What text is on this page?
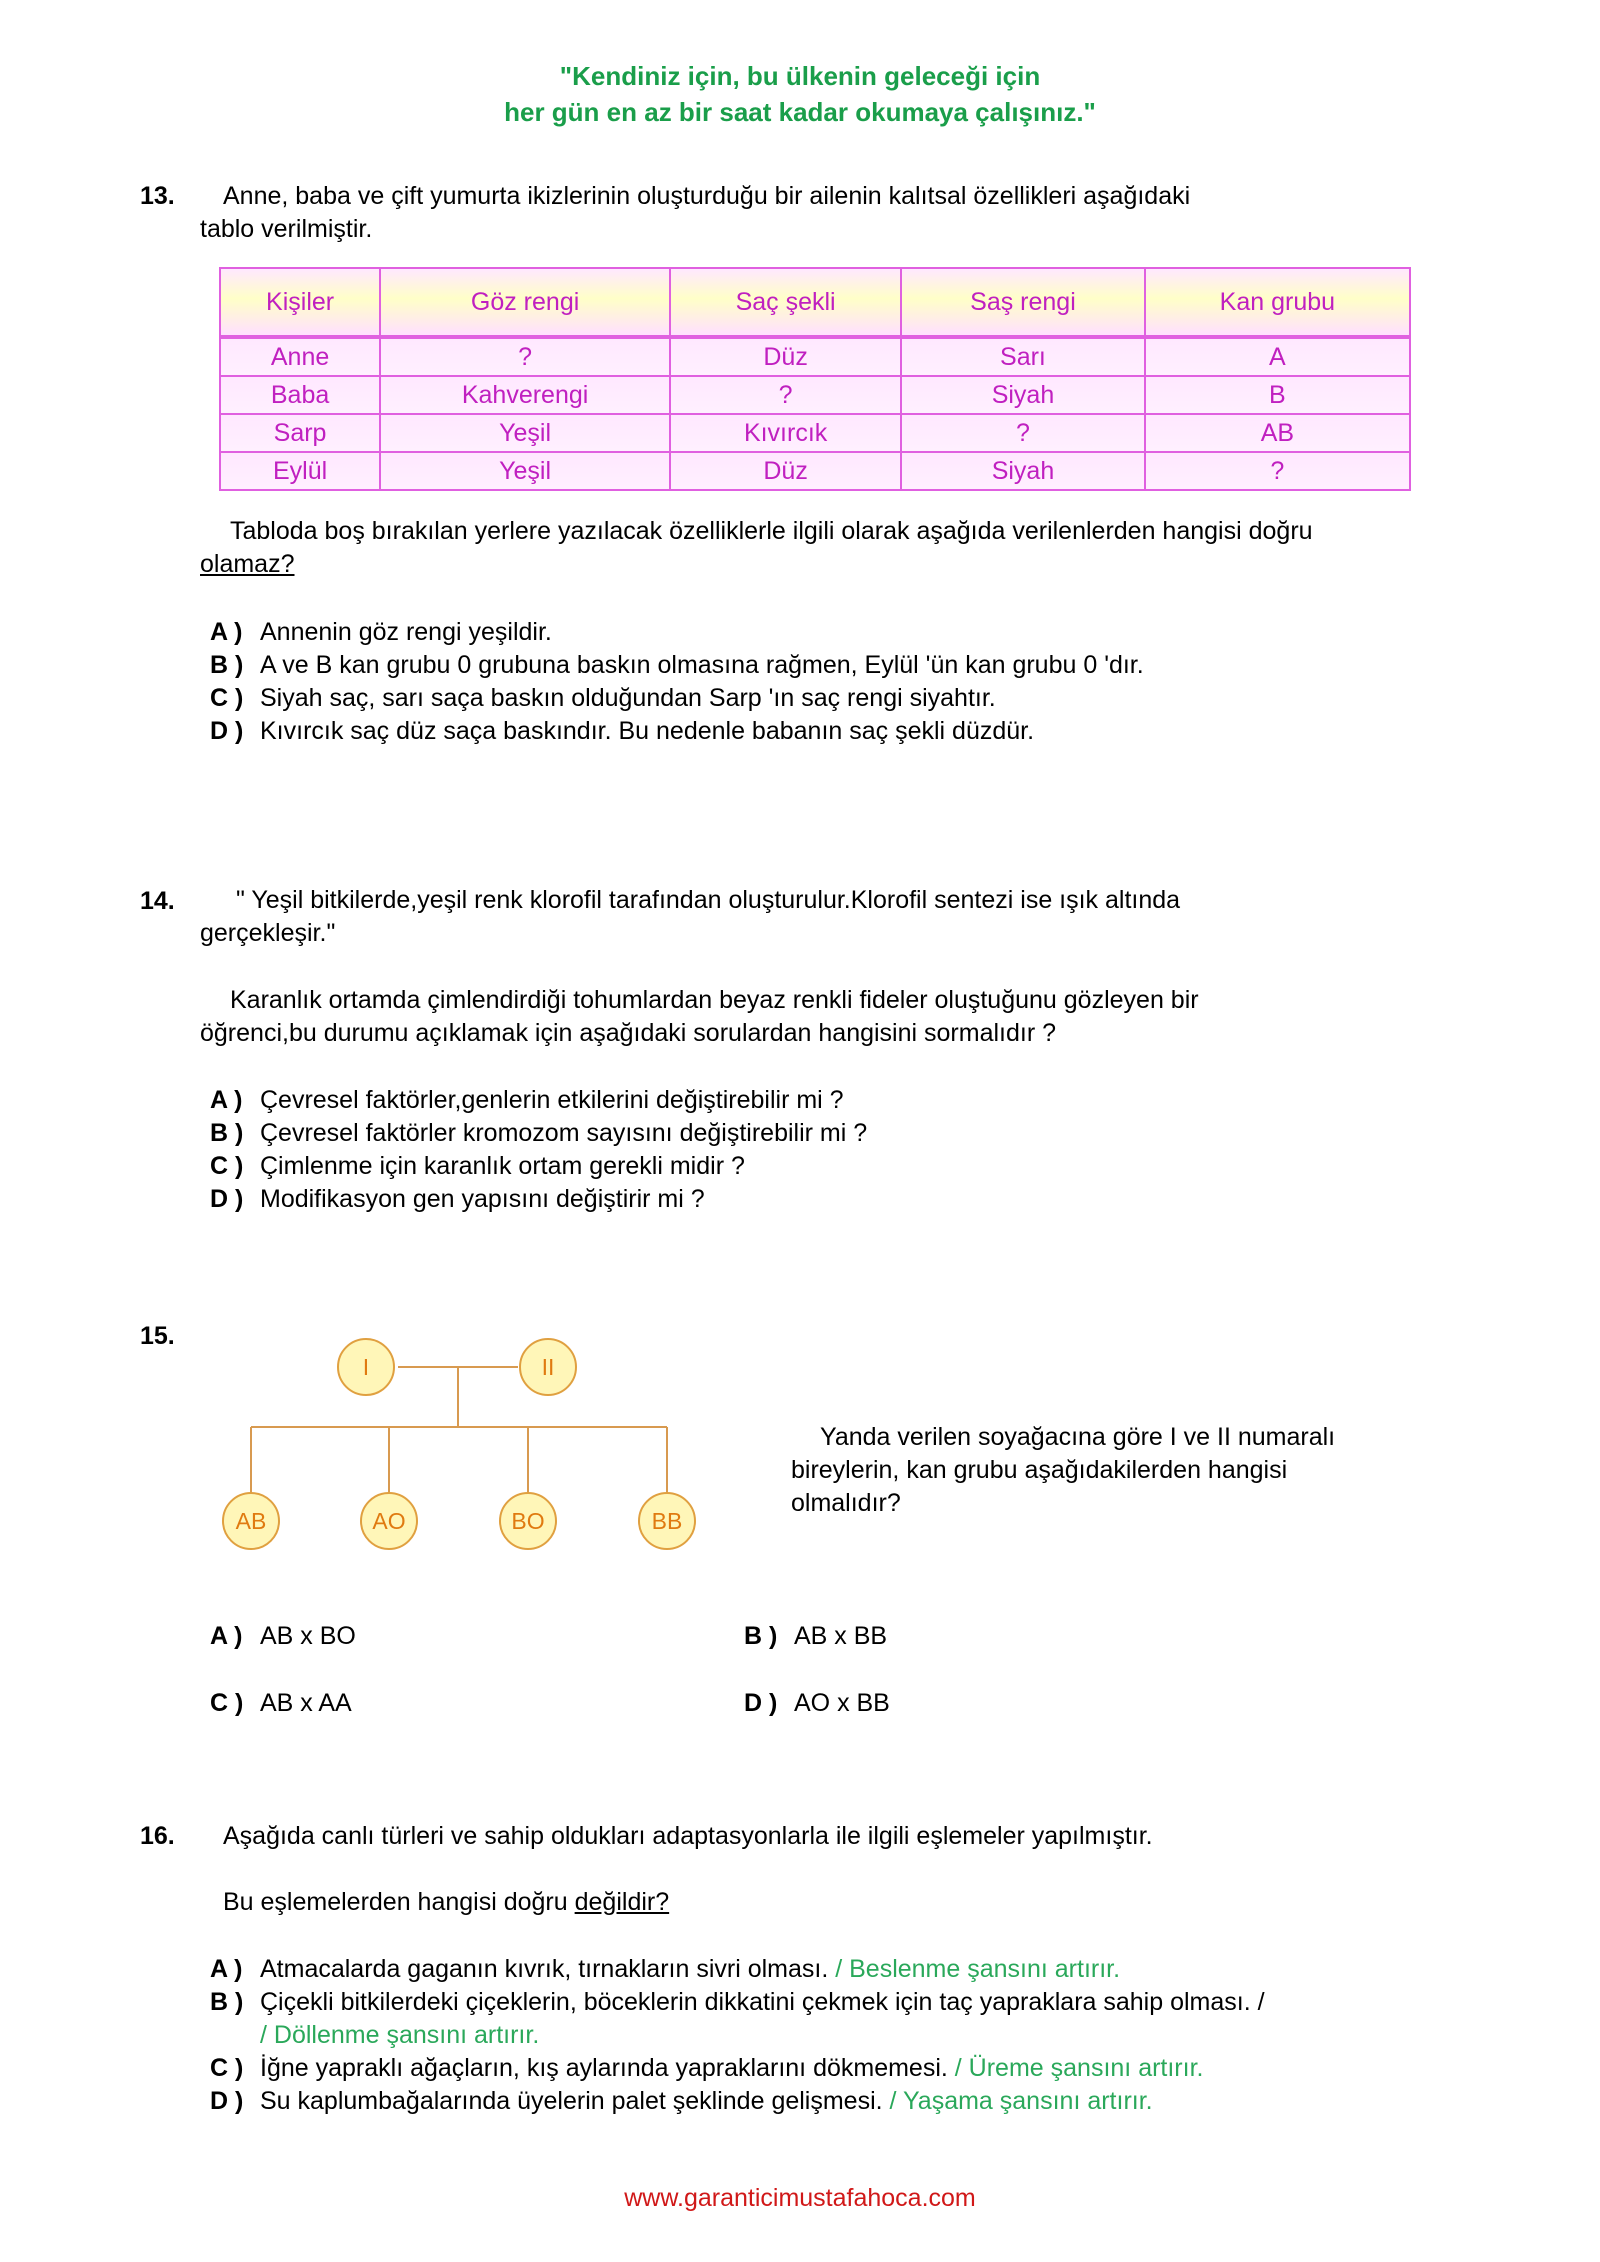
"Kendiniz için, bu ülkenin geleceği için
her gün en az bir saat kadar okumaya çalışınız."
13. Anne, baba ve çift yumurta ikizlerinin oluşturduğu bir ailenin kalıtsal özellikleri aşağıdaki
tablo verilmiştir.
Kişiler	Göz rengi	Saç şekli	Saş rengi	Kan grubu
Anne	?	Düz	Sarı	A
Baba	Kahverengi	?	Siyah	B
Sarp	Yeşil	Kıvırcık	?	AB
Eylül	Yeşil	Düz	Siyah	?
Tabloda boş bırakılan yerlere yazılacak özelliklerle ilgili olarak aşağıda verilenlerden hangisi doğru
olamaz?
A ) Annenin göz rengi yeşildir.
B ) A ve B kan grubu 0 grubuna baskın olmasına rağmen, Eylül 'ün kan grubu 0 'dır.
C ) Siyah saç, sarı saça baskın olduğundan Sarp 'ın saç rengi siyahtır.
D ) Kıvırcık saç düz saça baskındır. Bu nedenle babanın saç şekli düzdür.
14. " Yeşil bitkilerde,yeşil renk klorofil tarafından oluşturulur.Klorofil sentezi ise ışık altında
gerçekleşir."
Karanlık ortamda çimlendirdiği tohumlardan beyaz renkli fideler oluştuğunu gözleyen bir
öğrenci,bu durumu açıklamak için aşağıdaki sorulardan hangisini sormalıdır ?
A ) Çevresel faktörler,genlerin etkilerini değiştirebilir mi ?
B ) Çevresel faktörler kromozom sayısını değiştirebilir mi ?
C ) Çimlenme için karanlık ortam gerekli midir ?
D ) Modifikasyon gen yapısını değiştirir mi ?
15.
I	II
AB	AO	BO	BB
Yanda verilen soyağacına göre I ve II numaralı
bireylerin, kan grubu aşağıdakilerden hangisi
olmalıdır?
A ) AB x BO	B ) AB x BB
C ) AB x AA	D ) AO x BB
16. Aşağıda canlı türleri ve sahip oldukları adaptasyonlarla ile ilgili eşlemeler yapılmıştır.
Bu eşlemelerden hangisi doğru değildir?
A ) Atmacalarda gaganın kıvrık, tırnakların sivri olması. / Beslenme şansını artırır.
B ) Çiçekli bitkilerdeki çiçeklerin, böceklerin dikkatini çekmek için taç yapraklara sahip olması. /
/ Döllenme şansını artırır.
C ) İğne yapraklı ağaçların, kış aylarında yapraklarını dökmemesi. / Üreme şansını artırır.
D ) Su kaplumbağalarında üyelerin palet şeklinde gelişmesi. / Yaşama şansını artırır.
www.garanticimustafahoca.com
